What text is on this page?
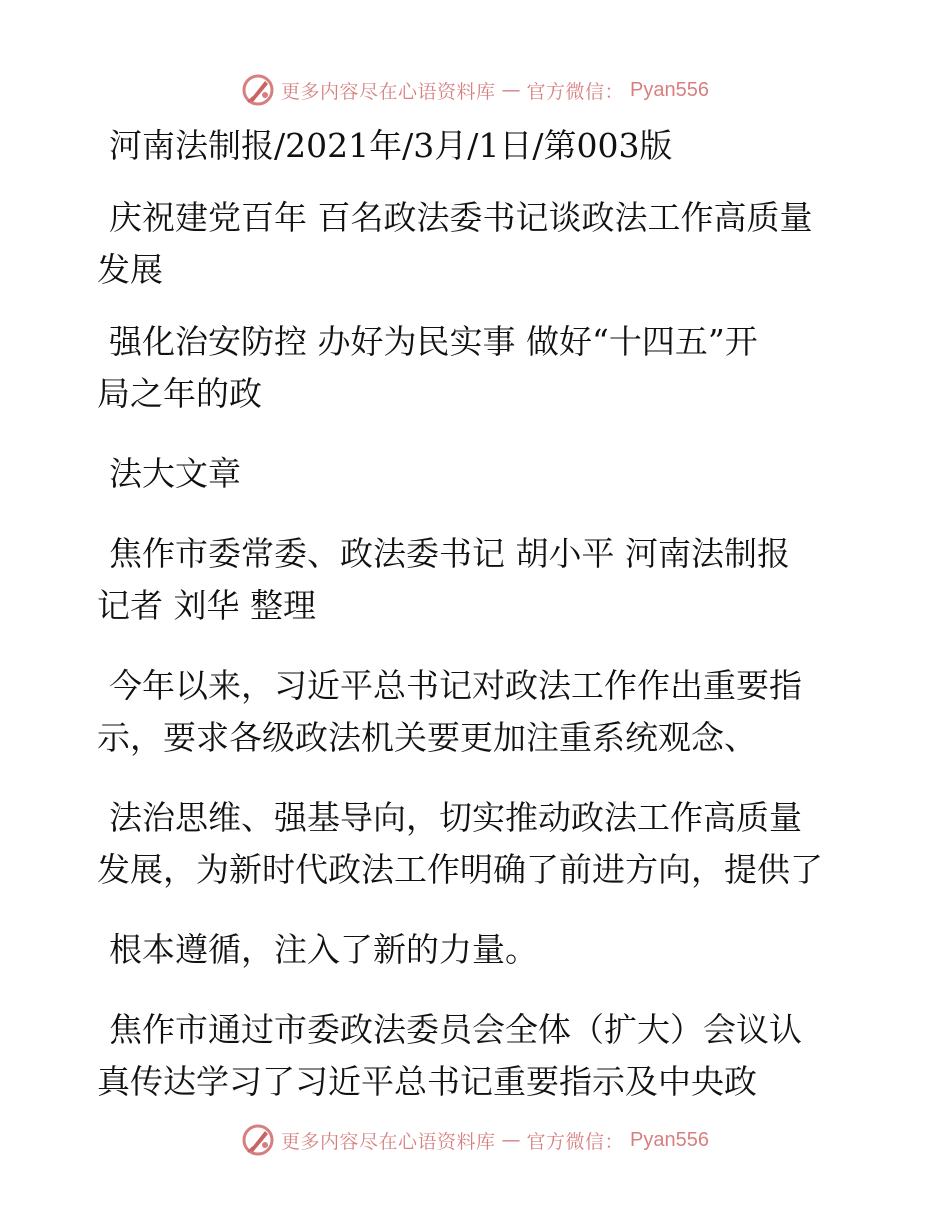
更多内容尽在心语资料库 — 官方微信： Pyan556

河南法制报/2021年/3月/1日/第003版

庆祝建党百年 百名政法委书记谈政法工作高质量

发展

强化治安防控 办好为民实事 做好“十四五”开

局之年的政

法大文章

焦作市委常委、政法委书记 胡小平 河南法制报

记者 刘华 整理

今年以来，习近平总书记对政法工作作出重要指

示，要求各级政法机关要更加注重系统观念、

法治思维、强基导向，切实推动政法工作高质量

发展，为新时代政法工作明确了前进方向，提供了

根本遵循，注入了新的力量。

焦作市通过市委政法委员会全体（扩大）会议认

真传达学习了习近平总书记重要指示及中央政

更多内容尽在心语资料库 — 官方微信： Pyan556
